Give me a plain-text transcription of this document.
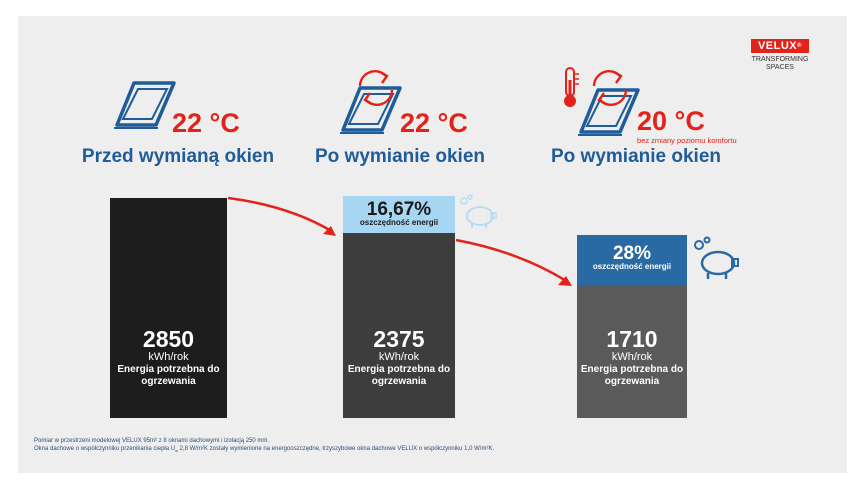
VELUX®
TRANSFORMING
SPACES
22 °C
Przed wymianą okien
2850
kWh/rok
Energia potrzebna do
ogrzewania
22 °C
Po wymianie okien
16,67%
oszczędność energii
2375
kWh/rok
Energia potrzebna do
ogrzewania
20 °C
bez zmiany poziomu komfortu
Po wymianie okien
28%
oszczędność energii
1710
kWh/rok
Energia potrzebna do
ogrzewania
Pomiar w przestrzeni modelowej VELUX 95m² z 8 oknami dachowymi i izolacją 250 mm.
Okna dachowe o współczynniku przenikania ciepła $U_w$ 2,8 W/m²K zostały wymienione na energooszczędne, trzyszybowe okna dachowe VELUX o współczynniku 1,0 W/m²K.
